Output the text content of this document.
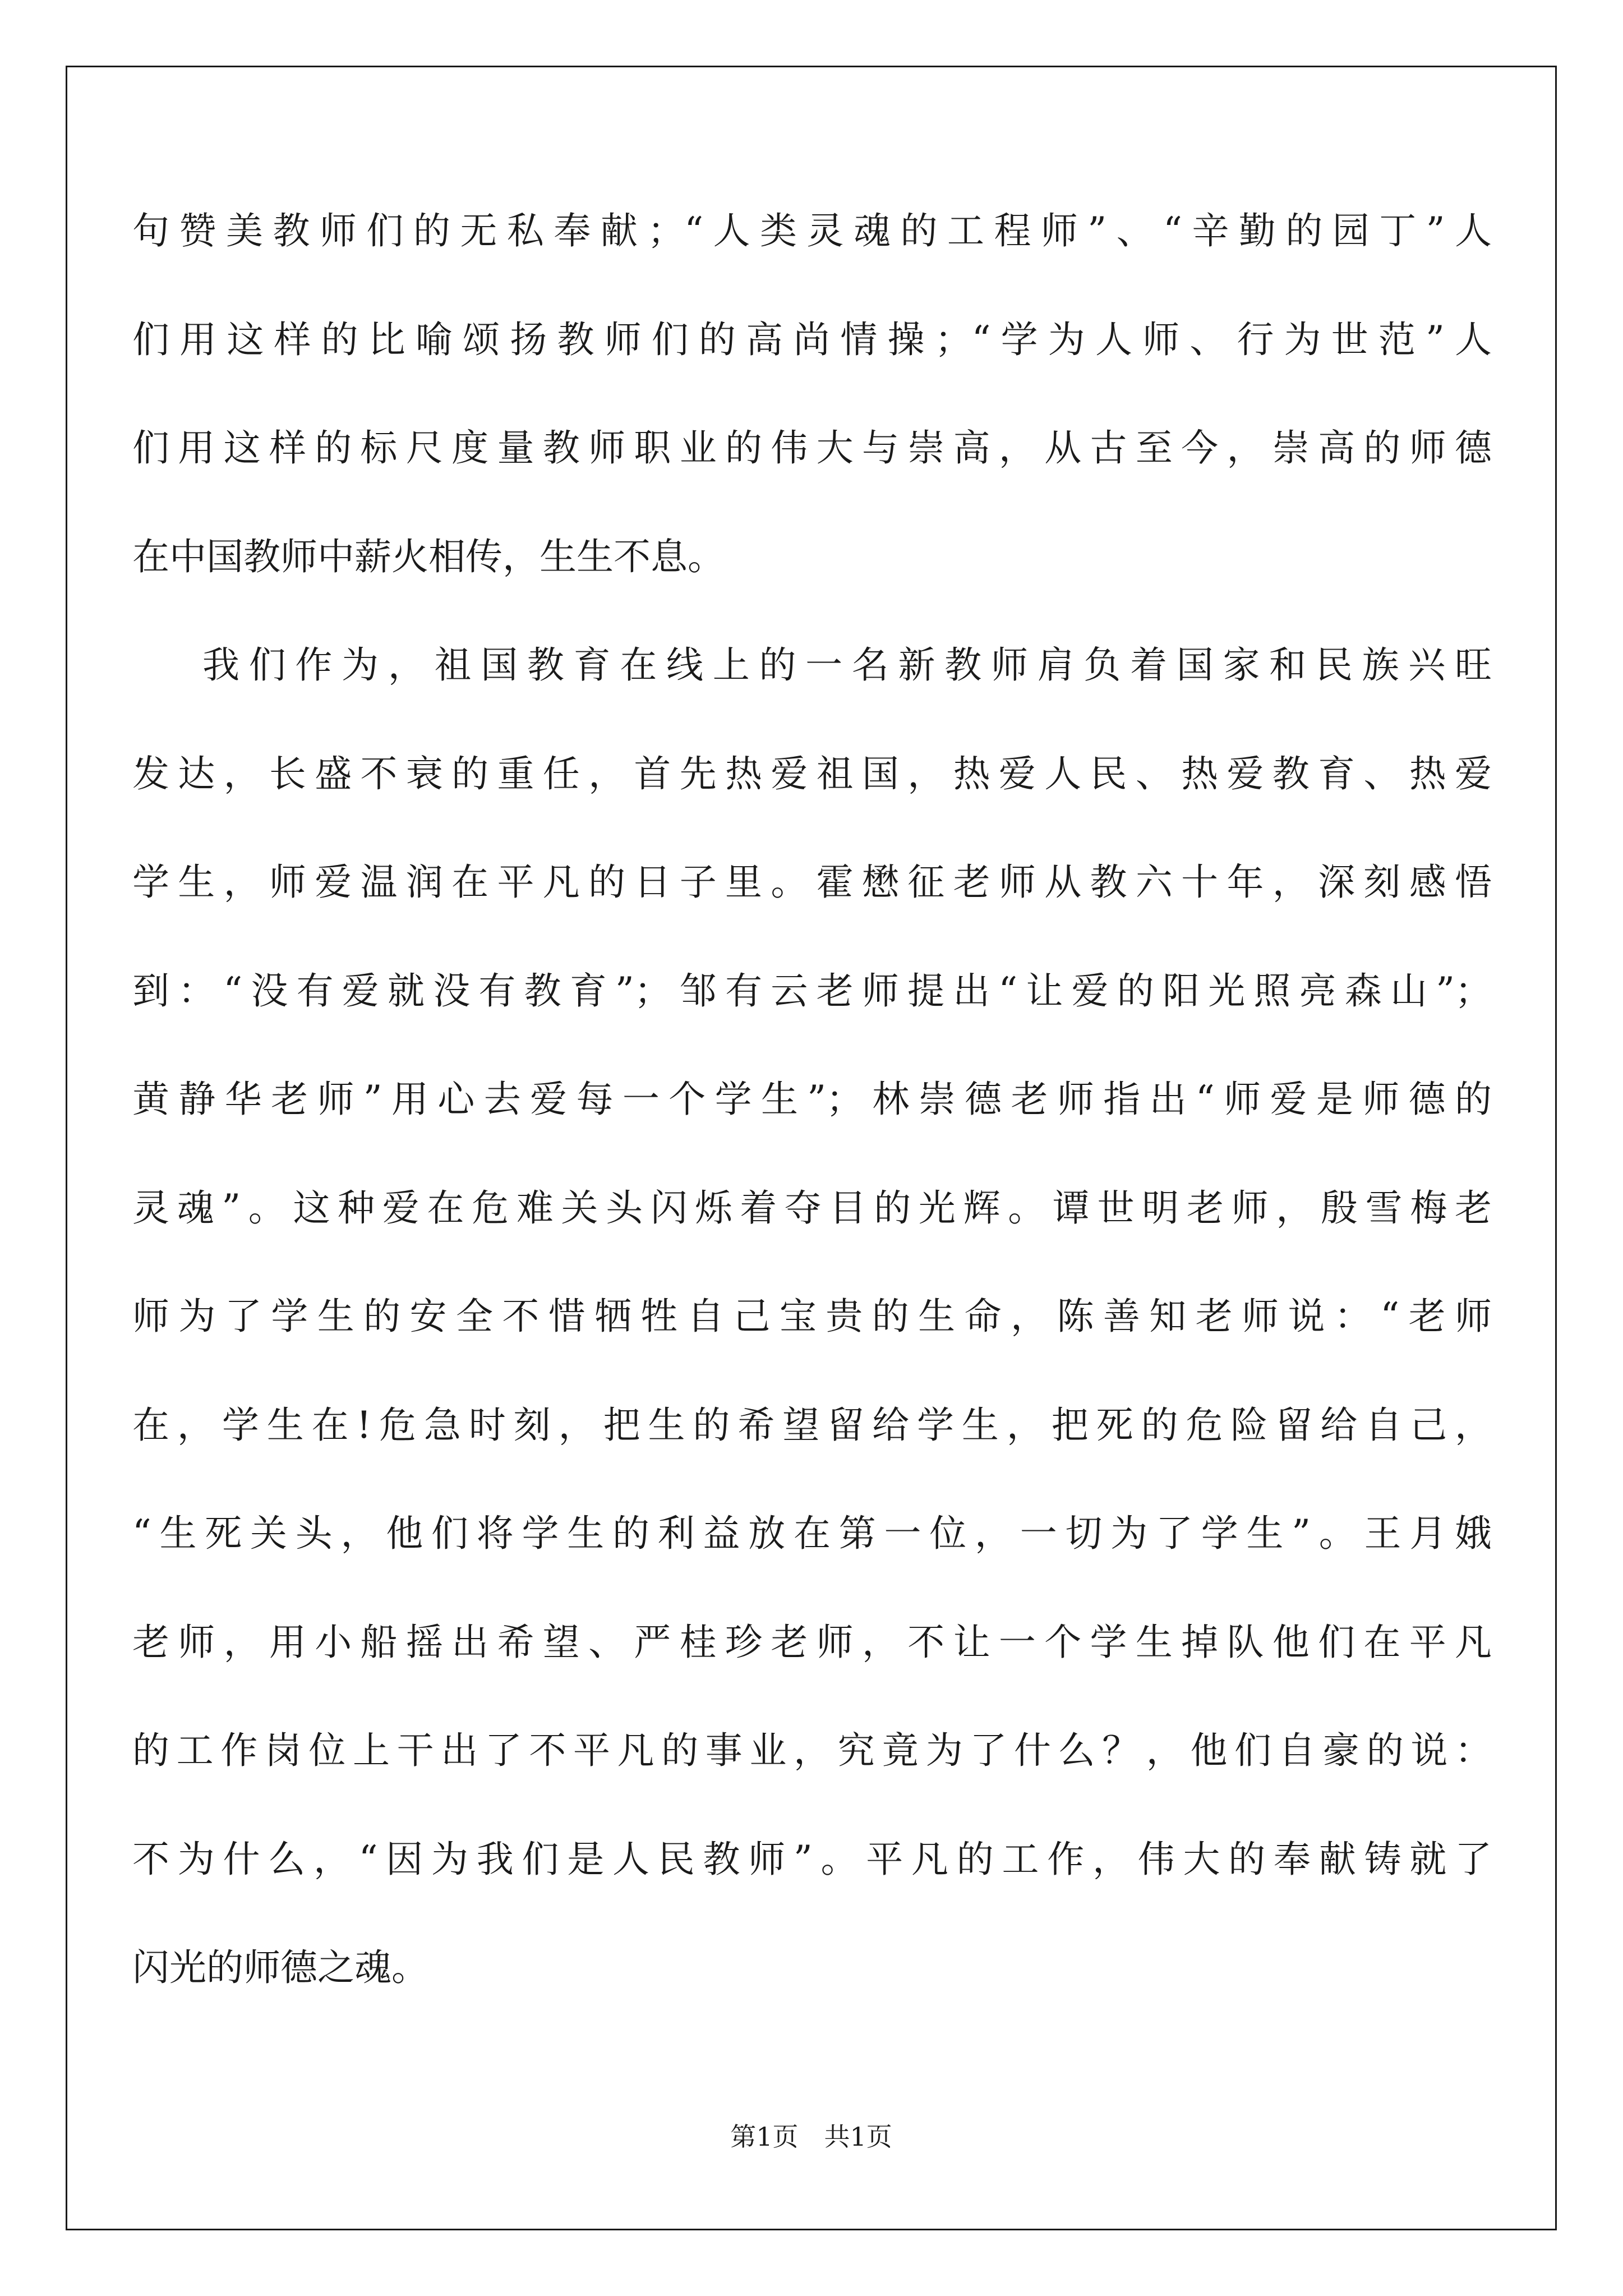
句赞美教师们的无私奉献；“人类灵魂的工程师”、“辛勤的园丁”人
们用这样的比喻颂扬教师们的高尚情操；“学为人师、行为世范”人
们用这样的标尺度量教师职业的伟大与崇高，从古至今，崇高的师德
在中国教师中薪火相传，生生不息。
我们作为，祖国教育在线上的一名新教师肩负着国家和民族兴旺
发达，长盛不衰的重任，首先热爱祖国，热爱人民、热爱教育、热爱
学生，师爱温润在平凡的日子里。霍懋征老师从教六十年，深刻感悟
到：“没有爱就没有教育”；邹有云老师提出“让爱的阳光照亮森山”；
黄静华老师”用心去爱每一个学生”；林崇德老师指出“师爱是师德的
灵魂”。这种爱在危难关头闪烁着夺目的光辉。谭世明老师，殷雪梅老
师为了学生的安全不惜牺牲自己宝贵的生命，陈善知老师说：“老师
在，学生在!危急时刻，把生的希望留给学生，把死的危险留给自己，
“生死关头，他们将学生的利益放在第一位，一切为了学生”。王月娥
老师，用小船摇出希望、严桂珍老师，不让一个学生掉队他们在平凡
的工作岗位上干出了不平凡的事业，究竟为了什么？，他们自豪的说：
不为什么，“因为我们是人民教师”。平凡的工作，伟大的奉献铸就了
闪光的师德之魂。
第1页 共1页
